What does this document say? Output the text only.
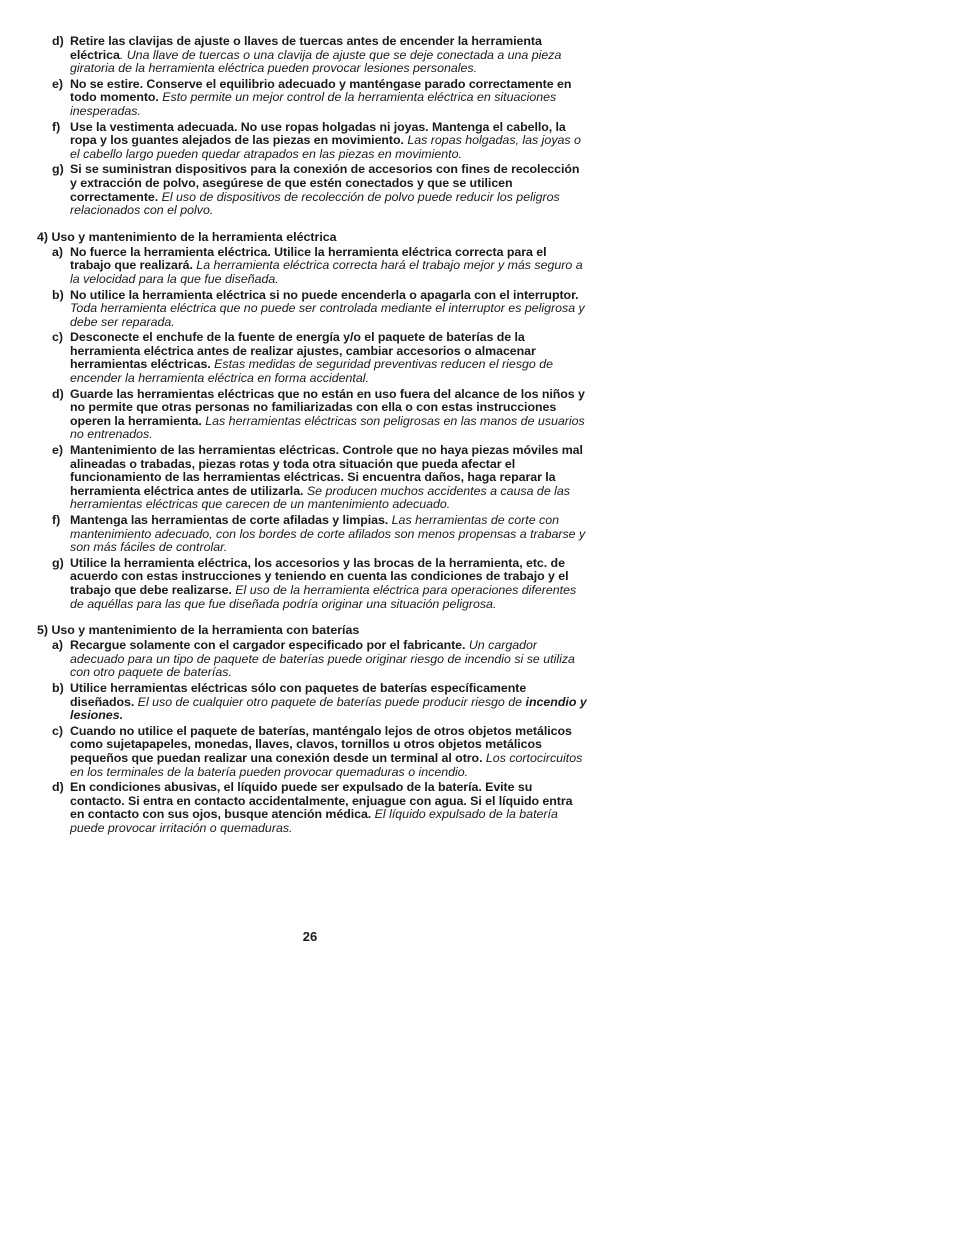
d) Retire las clavijas de ajuste o llaves de tuercas antes de encender la herramienta eléctrica. Una llave de tuercas o una clavija de ajuste que se deje conectada a una pieza giratoria de la herramienta eléctrica pueden provocar lesiones personales.
e) No se estire. Conserve el equilibrio adecuado y manténgase parado correctamente en todo momento. Esto permite un mejor control de la herramienta eléctrica en situaciones inesperadas.
f) Use la vestimenta adecuada. No use ropas holgadas ni joyas. Mantenga el cabello, la ropa y los guantes alejados de las piezas en movimiento. Las ropas holgadas, las joyas o el cabello largo pueden quedar atrapados en las piezas en movimiento.
g) Si se suministran dispositivos para la conexión de accesorios con fines de recolección y extracción de polvo, asegúrese de que estén conectados y que se utilicen correctamente. El uso de dispositivos de recolección de polvo puede reducir los peligros relacionados con el polvo.
4) Uso y mantenimiento de la herramienta eléctrica
a) No fuerce la herramienta eléctrica. Utilice la herramienta eléctrica correcta para el trabajo que realizará. La herramienta eléctrica correcta hará el trabajo mejor y más seguro a la velocidad para la que fue diseñada.
b) No utilice la herramienta eléctrica si no puede encenderla o apagarla con el interruptor. Toda herramienta eléctrica que no puede ser controlada mediante el interruptor es peligrosa y debe ser reparada.
c) Desconecte el enchufe de la fuente de energía y/o el paquete de baterías de la herramienta eléctrica antes de realizar ajustes, cambiar accesorios o almacenar herramientas eléctricas. Estas medidas de seguridad preventivas reducen el riesgo de encender la herramienta eléctrica en forma accidental.
d) Guarde las herramientas eléctricas que no están en uso fuera del alcance de los niños y no permite que otras personas no familiarizadas con ella o con estas instrucciones operen la herramienta. Las herramientas eléctricas son peligrosas en las manos de usuarios no entrenados.
e) Mantenimiento de las herramientas eléctricas. Controle que no haya piezas móviles mal alineadas o trabadas, piezas rotas y toda otra situación que pueda afectar el funcionamiento de las herramientas eléctricas. Si encuentra daños, haga reparar la herramienta eléctrica antes de utilizarla. Se producen muchos accidentes a causa de las herramientas eléctricas que carecen de un mantenimiento adecuado.
f) Mantenga las herramientas de corte afiladas y limpias. Las herramientas de corte con mantenimiento adecuado, con los bordes de corte afilados son menos propensas a trabarse y son más fáciles de controlar.
g) Utilice la herramienta eléctrica, los accesorios y las brocas de la herramienta, etc. de acuerdo con estas instrucciones y teniendo en cuenta las condiciones de trabajo y el trabajo que debe realizarse. El uso de la herramienta eléctrica para operaciones diferentes de aquéllas para las que fue diseñada podría originar una situación peligrosa.
5) Uso y mantenimiento de la herramienta con baterías
a) Recargue solamente con el cargador especificado por el fabricante. Un cargador adecuado para un tipo de paquete de baterías puede originar riesgo de incendio si se utiliza con otro paquete de baterías.
b) Utilice herramientas eléctricas sólo con paquetes de baterías específicamente diseñados. El uso de cualquier otro paquete de baterías puede producir riesgo de incendio y lesiones.
c) Cuando no utilice el paquete de baterías, manténgalo lejos de otros objetos metálicos como sujetapapeles, monedas, llaves, clavos, tornillos u otros objetos metálicos pequeños que puedan realizar una conexión desde un terminal al otro. Los cortocircuitos en los terminales de la batería pueden provocar quemaduras o incendio.
d) En condiciones abusivas, el líquido puede ser expulsado de la batería. Evite su contacto. Si entra en contacto accidentalmente, enjuague con agua. Si el líquido entra en contacto con sus ojos, busque atención médica. El líquido expulsado de la batería puede provocar irritación o quemaduras.
26
